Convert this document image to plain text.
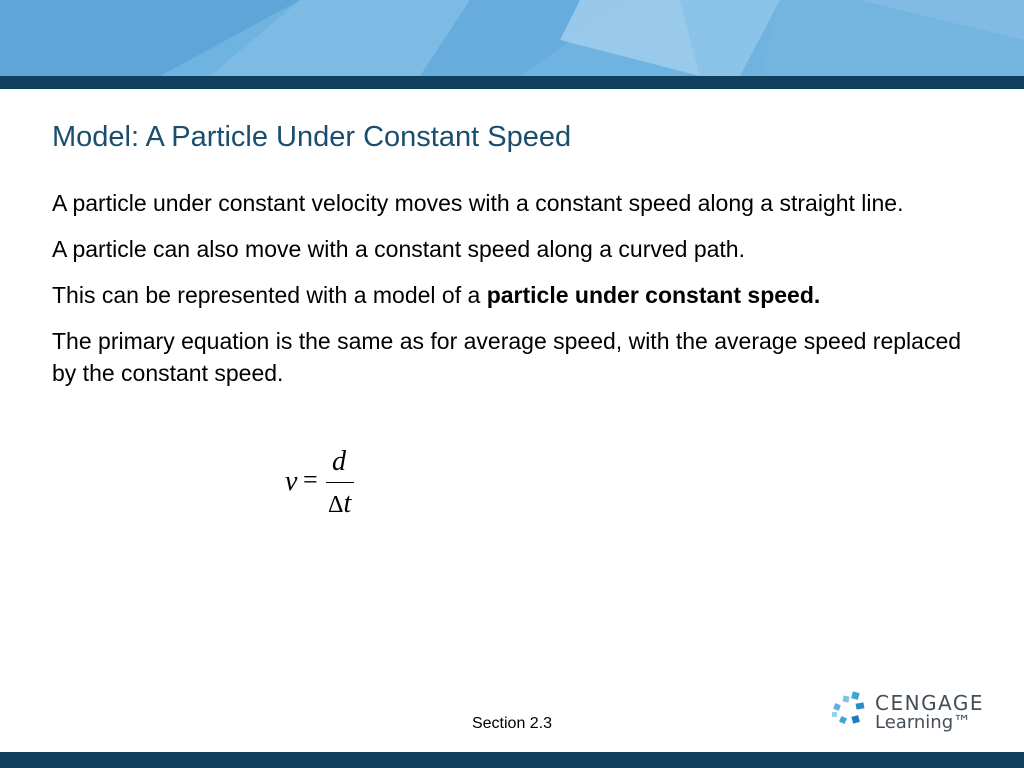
Model: A Particle Under Constant Speed

A particle under constant velocity moves with a constant speed along a straight line.

A particle can also move with a constant speed along a curved path.

This can be represented with a model of a particle under constant speed.

The primary equation is the same as for average speed, with the average speed replaced by the constant speed.

v =
d
Δt
Section 2.3
CENGAGE
Learning™
